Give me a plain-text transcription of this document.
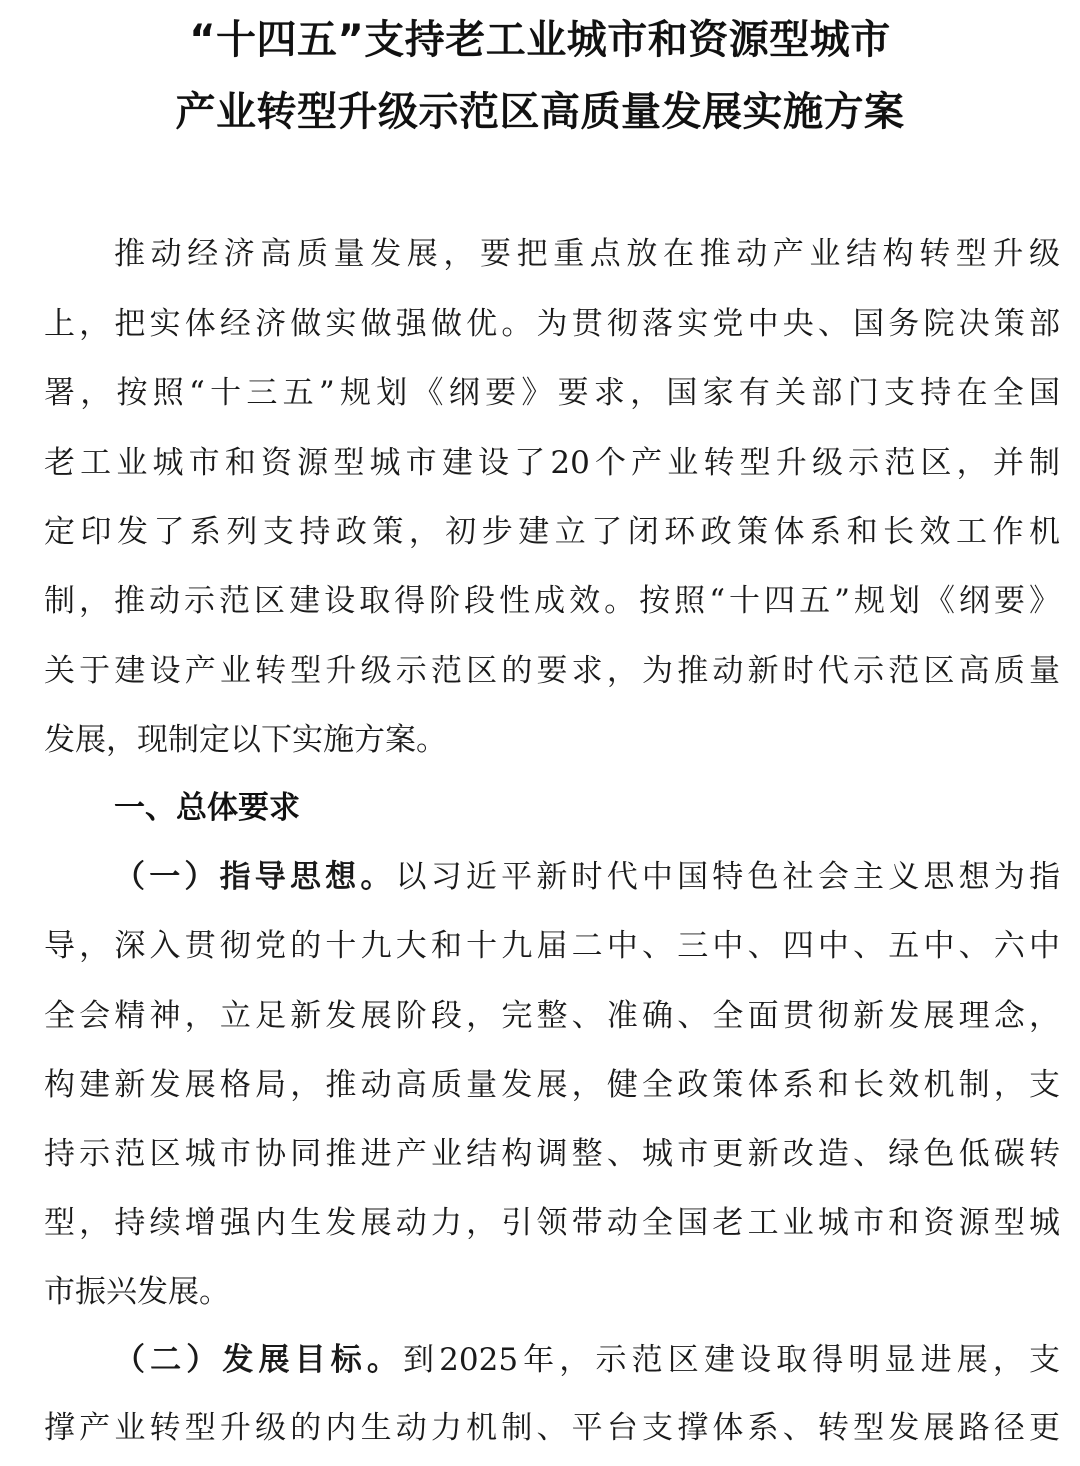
“十四五”支持老工业城市和资源型城市
产业转型升级示范区高质量发展实施方案
推动经济高质量发展，要把重点放在推动产业结构转型升级
上，把实体经济做实做强做优。为贯彻落实党中央、国务院决策部
署，按照“十三五”规划《纲要》要求，国家有关部门支持在全国
老工业城市和资源型城市建设了20个产业转型升级示范区，并制
定印发了系列支持政策，初步建立了闭环政策体系和长效工作机
制，推动示范区建设取得阶段性成效。按照“十四五”规划《纲要》
关于建设产业转型升级示范区的要求，为推动新时代示范区高质量
发展，现制定以下实施方案。
一、总体要求
（一）指导思想。以习近平新时代中国特色社会主义思想为指
导，深入贯彻党的十九大和十九届二中、三中、四中、五中、六中
全会精神，立足新发展阶段，完整、准确、全面贯彻新发展理念，
构建新发展格局，推动高质量发展，健全政策体系和长效机制，支
持示范区城市协同推进产业结构调整、城市更新改造、绿色低碳转
型，持续增强内生发展动力，引领带动全国老工业城市和资源型城
市振兴发展。
（二）发展目标。到2025年，示范区建设取得明显进展，支
撑产业转型升级的内生动力机制、平台支撑体系、转型发展路径更
